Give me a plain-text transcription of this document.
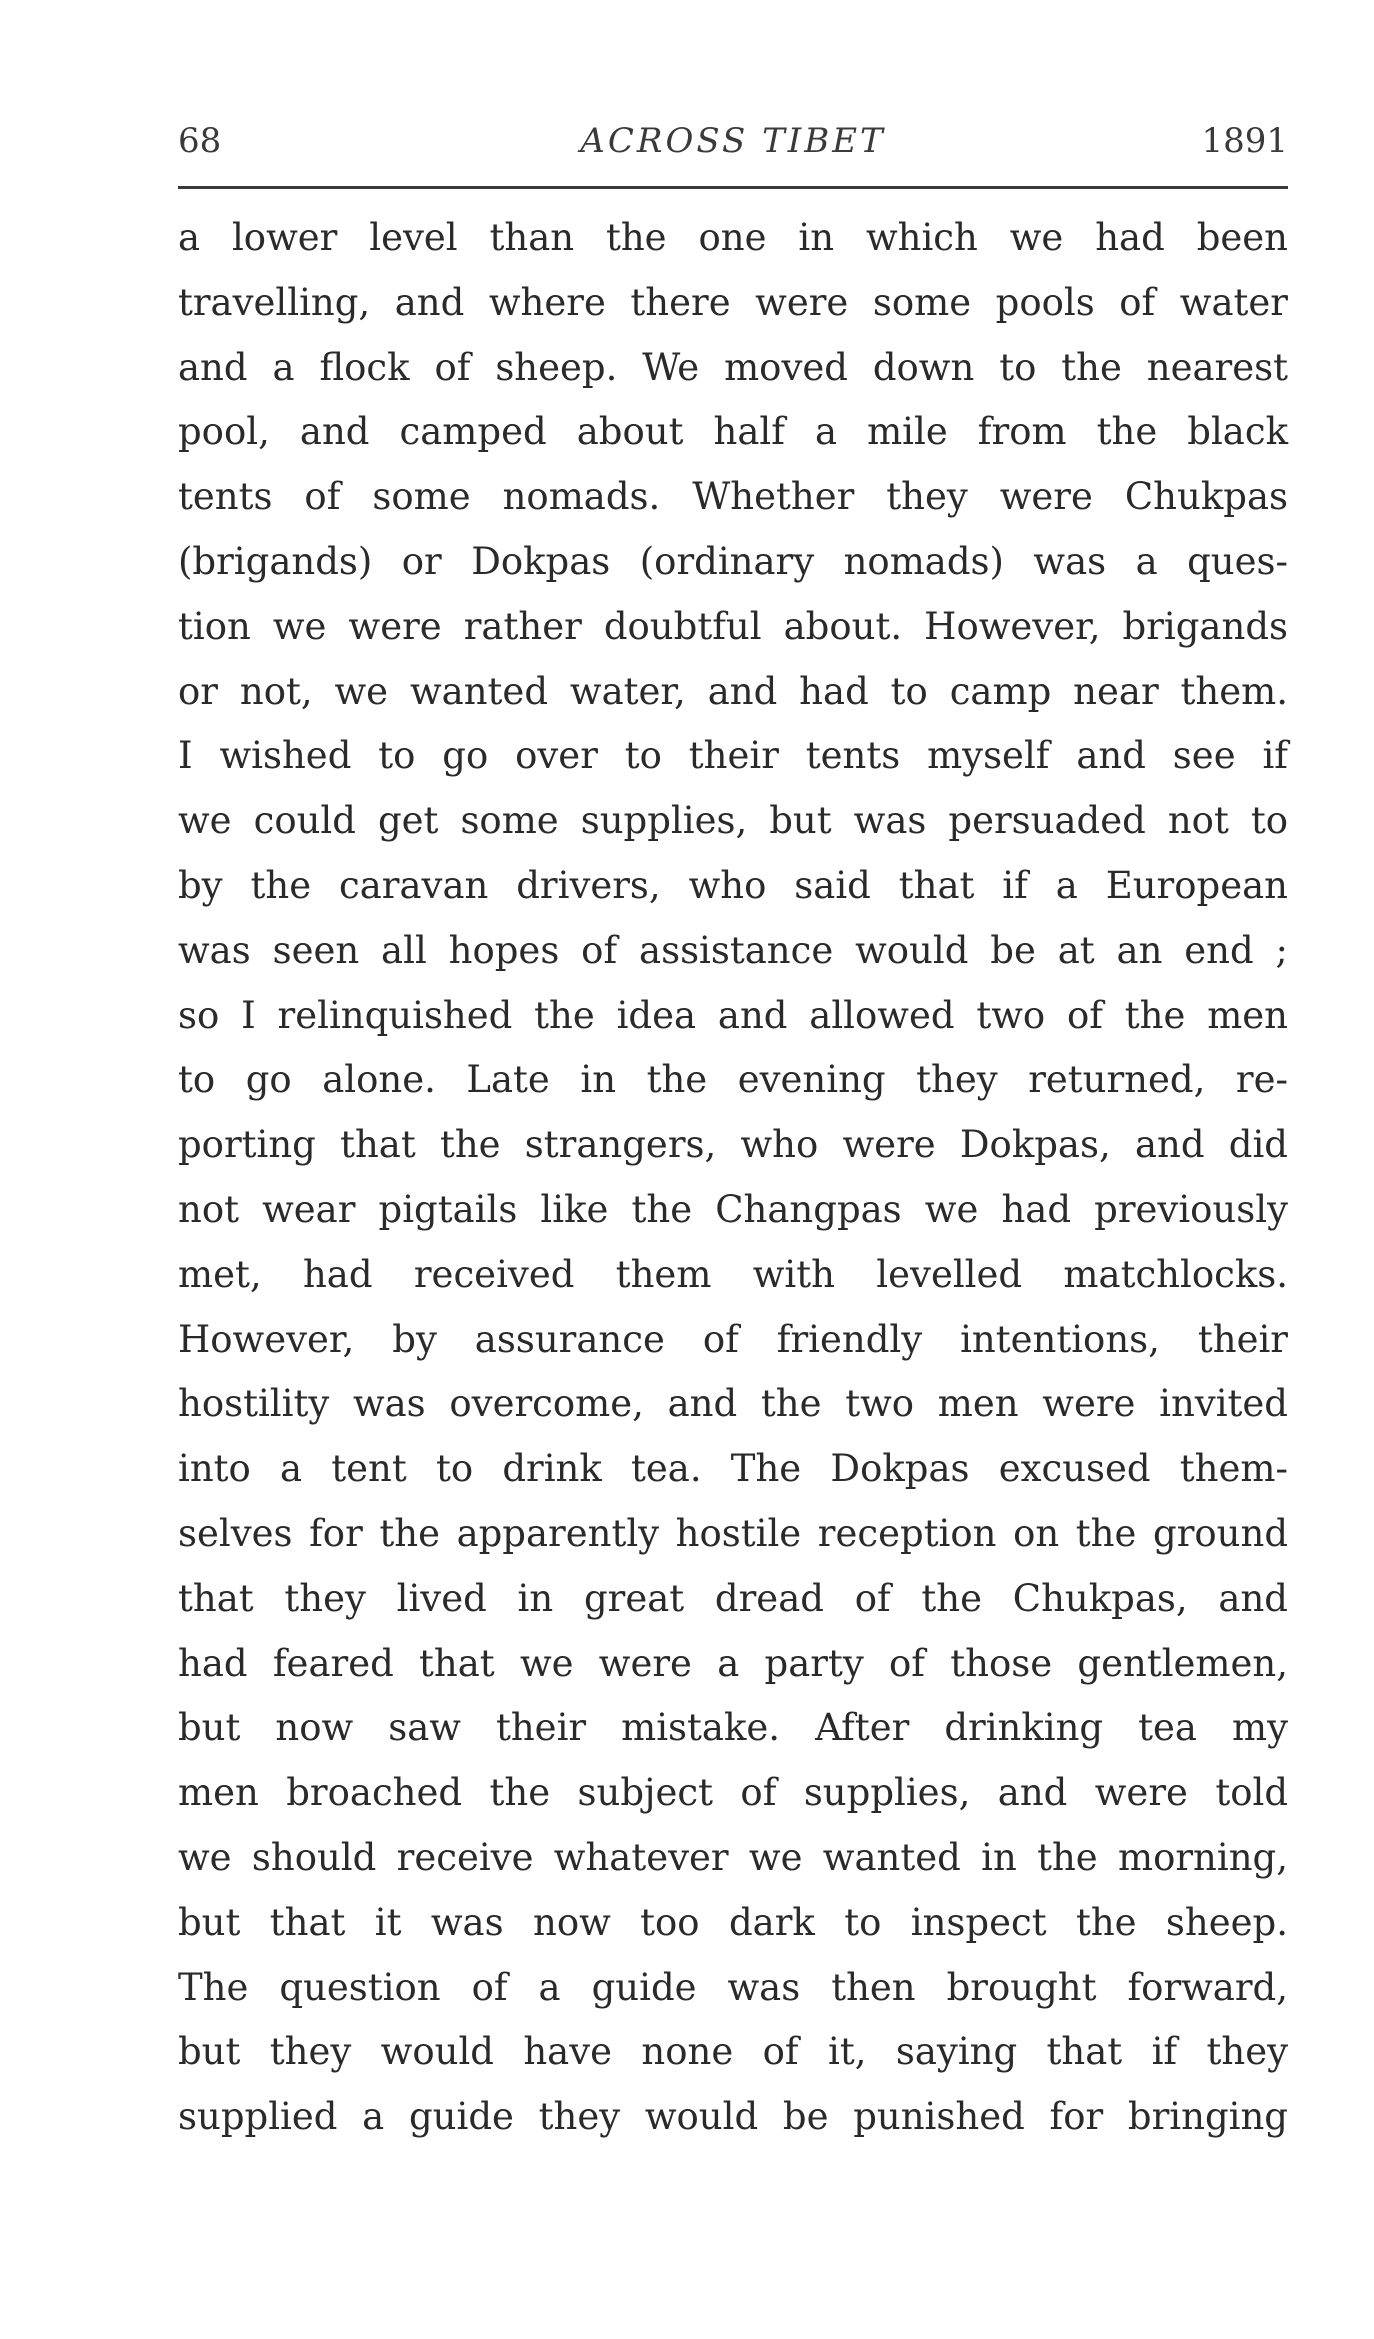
68	ACROSS TIBET	1891
a lower level than the one in which we had been
travelling, and where there were some pools of water
and a flock of sheep. We moved down to the nearest
pool, and camped about half a mile from the black
tents of some nomads. Whether they were Chukpas
(brigands) or Dokpas (ordinary nomads) was a ques-
tion we were rather doubtful about. However, brigands
or not, we wanted water, and had to camp near them.
I wished to go over to their tents myself and see if
we could get some supplies, but was persuaded not to
by the caravan drivers, who said that if a European
was seen all hopes of assistance would be at an end ;
so I relinquished the idea and allowed two of the men
to go alone. Late in the evening they returned, re-
porting that the strangers, who were Dokpas, and did
not wear pigtails like the Changpas we had previously
met, had received them with levelled matchlocks.
However, by assurance of friendly intentions, their
hostility was overcome, and the two men were invited
into a tent to drink tea. The Dokpas excused them-
selves for the apparently hostile reception on the ground
that they lived in great dread of the Chukpas, and
had feared that we were a party of those gentlemen,
but now saw their mistake. After drinking tea my
men broached the subject of supplies, and were told
we should receive whatever we wanted in the morning,
but that it was now too dark to inspect the sheep.
The question of a guide was then brought forward,
but they would have none of it, saying that if they
supplied a guide they would be punished for bringing
